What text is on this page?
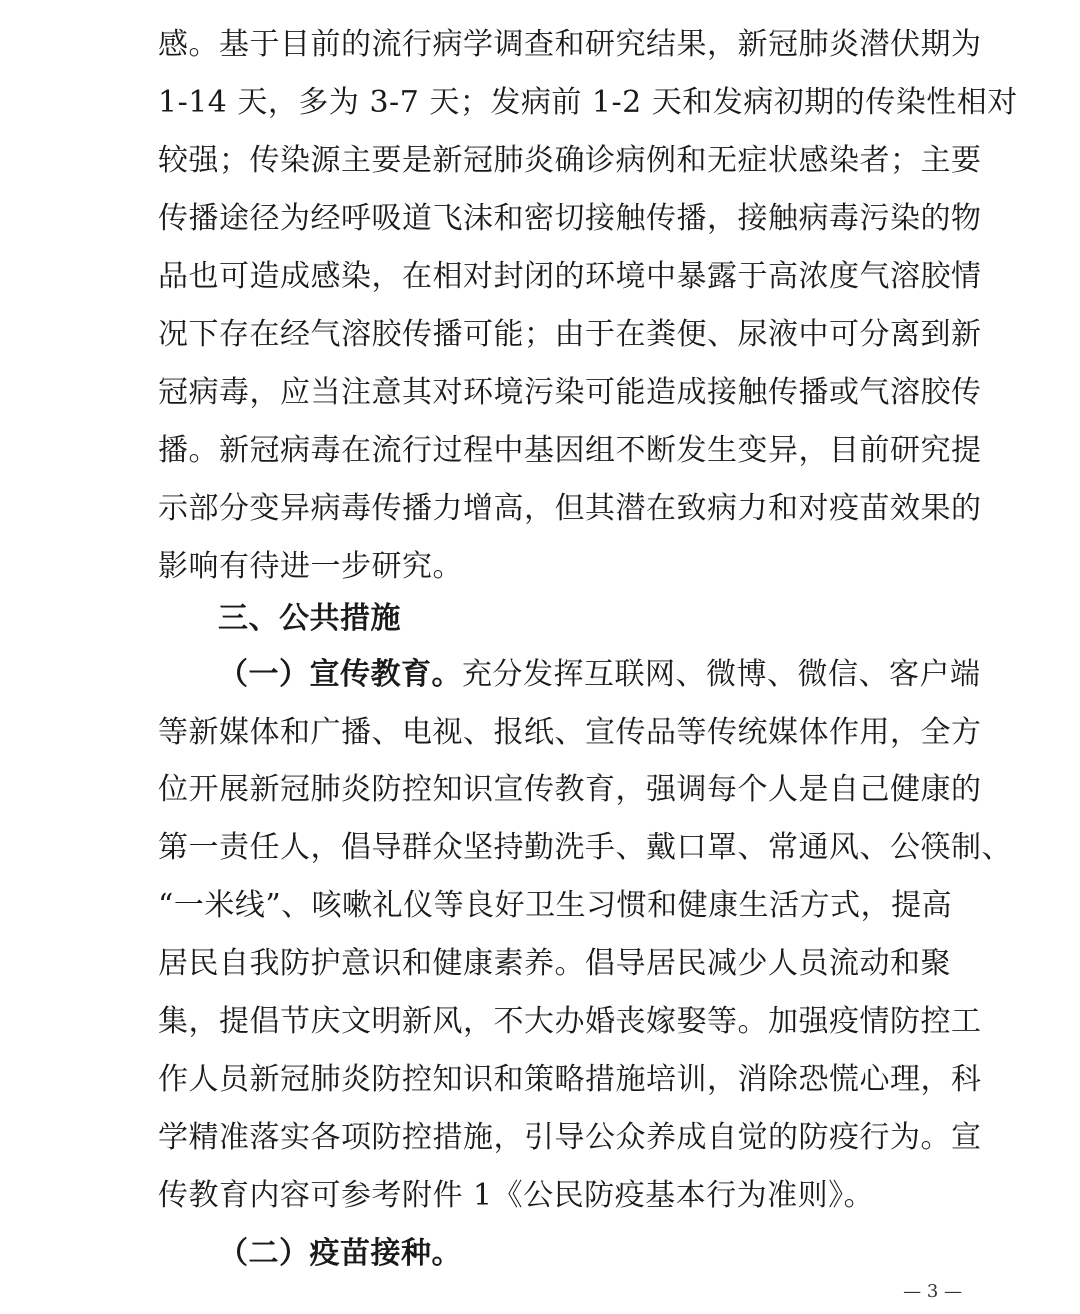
感。基于目前的流行病学调查和研究结果，新冠肺炎潜伏期为
1-14 天，多为 3-7 天；发病前 1-2 天和发病初期的传染性相对
较强；传染源主要是新冠肺炎确诊病例和无症状感染者；主要
传播途径为经呼吸道飞沫和密切接触传播，接触病毒污染的物
品也可造成感染，在相对封闭的环境中暴露于高浓度气溶胶情
况下存在经气溶胶传播可能；由于在粪便、尿液中可分离到新
冠病毒，应当注意其对环境污染可能造成接触传播或气溶胶传
播。新冠病毒在流行过程中基因组不断发生变异，目前研究提
示部分变异病毒传播力增高，但其潜在致病力和对疫苗效果的
影响有待进一步研究。
三、公共措施
（一）宣传教育。充分发挥互联网、微博、微信、客户端
等新媒体和广播、电视、报纸、宣传品等传统媒体作用，全方
位开展新冠肺炎防控知识宣传教育，强调每个人是自己健康的
第一责任人，倡导群众坚持勤洗手、戴口罩、常通风、公筷制、
“一米线”、咳嗽礼仪等良好卫生习惯和健康生活方式，提高
居民自我防护意识和健康素养。倡导居民减少人员流动和聚
集，提倡节庆文明新风，不大办婚丧嫁娶等。加强疫情防控工
作人员新冠肺炎防控知识和策略措施培训，消除恐慌心理，科
学精准落实各项防控措施，引导公众养成自觉的防疫行为。宣
传教育内容可参考附件 1《公民防疫基本行为准则》。
（二）疫苗接种。
— 3 —
